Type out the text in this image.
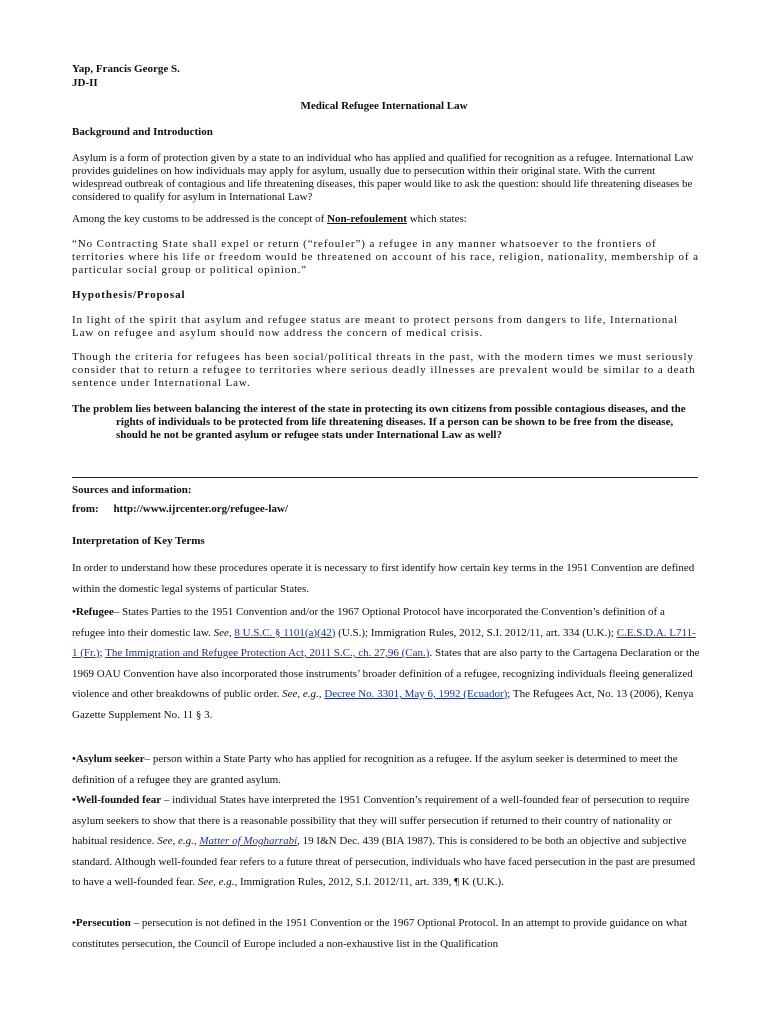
Yap, Francis George S.

JD-II

Medical Refugee International Law

Background and Introduction

Asylum is a form of protection given by a state to an individual who has applied and qualified for recognition as a refugee. International Law provides guidelines on how individuals may apply for asylum, usually due to persecution within their original state. With the current widespread outbreak of contagious and life threatening diseases, this paper would like to ask the question: should life threatening diseases be considered to qualify for asylum in International Law?

Among the key customs to be addressed is the concept of Non-refoulement which states:

“No Contracting State shall expel or return (“refouler”) a refugee in any manner whatsoever to the frontiers of territories where his life or freedom would be threatened on account of his race, religion, nationality, membership of a particular social group or political opinion.”

Hypothesis/Proposal

In light of the spirit that asylum and refugee status are meant to protect persons from dangers to life, International Law on refugee and asylum should now address the concern of medical crisis.

Though the criteria for refugees has been social/political threats in the past, with the modern times we must seriously consider that to return a refugee to territories where serious deadly illnesses are prevalent would be similar to a death sentence under International Law.

The problem lies between balancing the interest of the state in protecting its own citizens from possible contagious diseases, and the rights of individuals to be protected from life threatening diseases. If a person can be shown to be free from the disease, should he not be granted asylum or refugee stats under International Law as well?

Sources and information:

from: http://www.ijrcenter.org/refugee-law/

Interpretation of Key Terms

In order to understand how these procedures operate it is necessary to first identify how certain key terms in the 1951 Convention are defined within the domestic legal systems of particular States.

•Refugee– States Parties to the 1951 Convention and/or the 1967 Optional Protocol have incorporated the Convention’s definition of a refugee into their domestic law. See, 8 U.S.C. § 1101(a)(42) (U.S.); Immigration Rules, 2012, S.I. 2012/11, art. 334 (U.K.); C.E.S.D.A. L711-1 (Fr.); The Immigration and Refugee Protection Act, 2011 S.C., ch. 27,96 (Can.). States that are also party to the Cartagena Declaration or the 1969 OAU Convention have also incorporated those instruments’ broader definition of a refugee, recognizing individuals fleeing generalized violence and other breakdowns of public order. See, e.g., Decree No. 3301, May 6, 1992 (Ecuador); The Refugees Act, No. 13 (2006), Kenya Gazette Supplement No. 11 § 3.

•Asylum seeker– person within a State Party who has applied for recognition as a refugee. If the asylum seeker is determined to meet the definition of a refugee they are granted asylum.

•Well-founded fear – individual States have interpreted the 1951 Convention’s requirement of a well-founded fear of persecution to require asylum seekers to show that there is a reasonable possibility that they will suffer persecution if returned to their country of nationality or habitual residence. See, e.g., Matter of Mogharrabi, 19 I&N Dec. 439 (BIA 1987). This is considered to be both an objective and subjective standard. Although well-founded fear refers to a future threat of persecution, individuals who have faced persecution in the past are presumed to have a well-founded fear. See, e.g., Immigration Rules, 2012, S.I. 2012/11, art. 339, ¶ K (U.K.).

•Persecution – persecution is not defined in the 1951 Convention or the 1967 Optional Protocol. In an attempt to provide guidance on what constitutes persecution, the Council of Europe included a non-exhaustive list in the Qualification
